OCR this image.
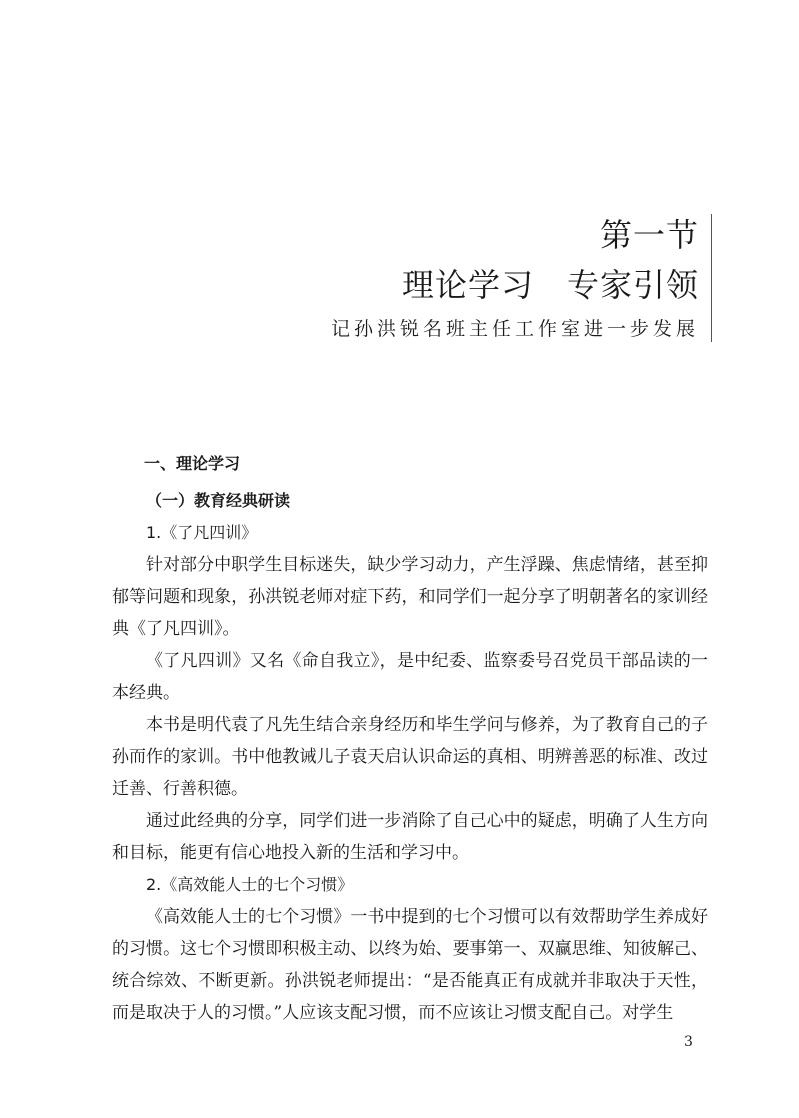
第一节
理论学习　专家引领
记孙洪锐名班主任工作室进一步发展
一、理论学习
（一）教育经典研读
1.《了凡四训》
针对部分中职学生目标迷失，缺少学习动力，产生浮躁、焦虑情绪，甚至抑郁等问题和现象，孙洪锐老师对症下药，和同学们一起分享了明朝著名的家训经典《了凡四训》。
《了凡四训》又名《命自我立》，是中纪委、监察委号召党员干部品读的一本经典。
本书是明代袁了凡先生结合亲身经历和毕生学问与修养，为了教育自己的子孙而作的家训。书中他教诫儿子袁天启认识命运的真相、明辨善恶的标准、改过迁善、行善积德。
通过此经典的分享，同学们进一步消除了自己心中的疑虑，明确了人生方向和目标，能更有信心地投入新的生活和学习中。
2.《高效能人士的七个习惯》
《高效能人士的七个习惯》一书中提到的七个习惯可以有效帮助学生养成好的习惯。这七个习惯即积极主动、以终为始、要事第一、双赢思维、知彼解己、统合综效、不断更新。孙洪锐老师提出：“是否能真正有成就并非取决于天性，而是取决于人的习惯。”人应该支配习惯，而不应该让习惯支配自己。对学生
3
